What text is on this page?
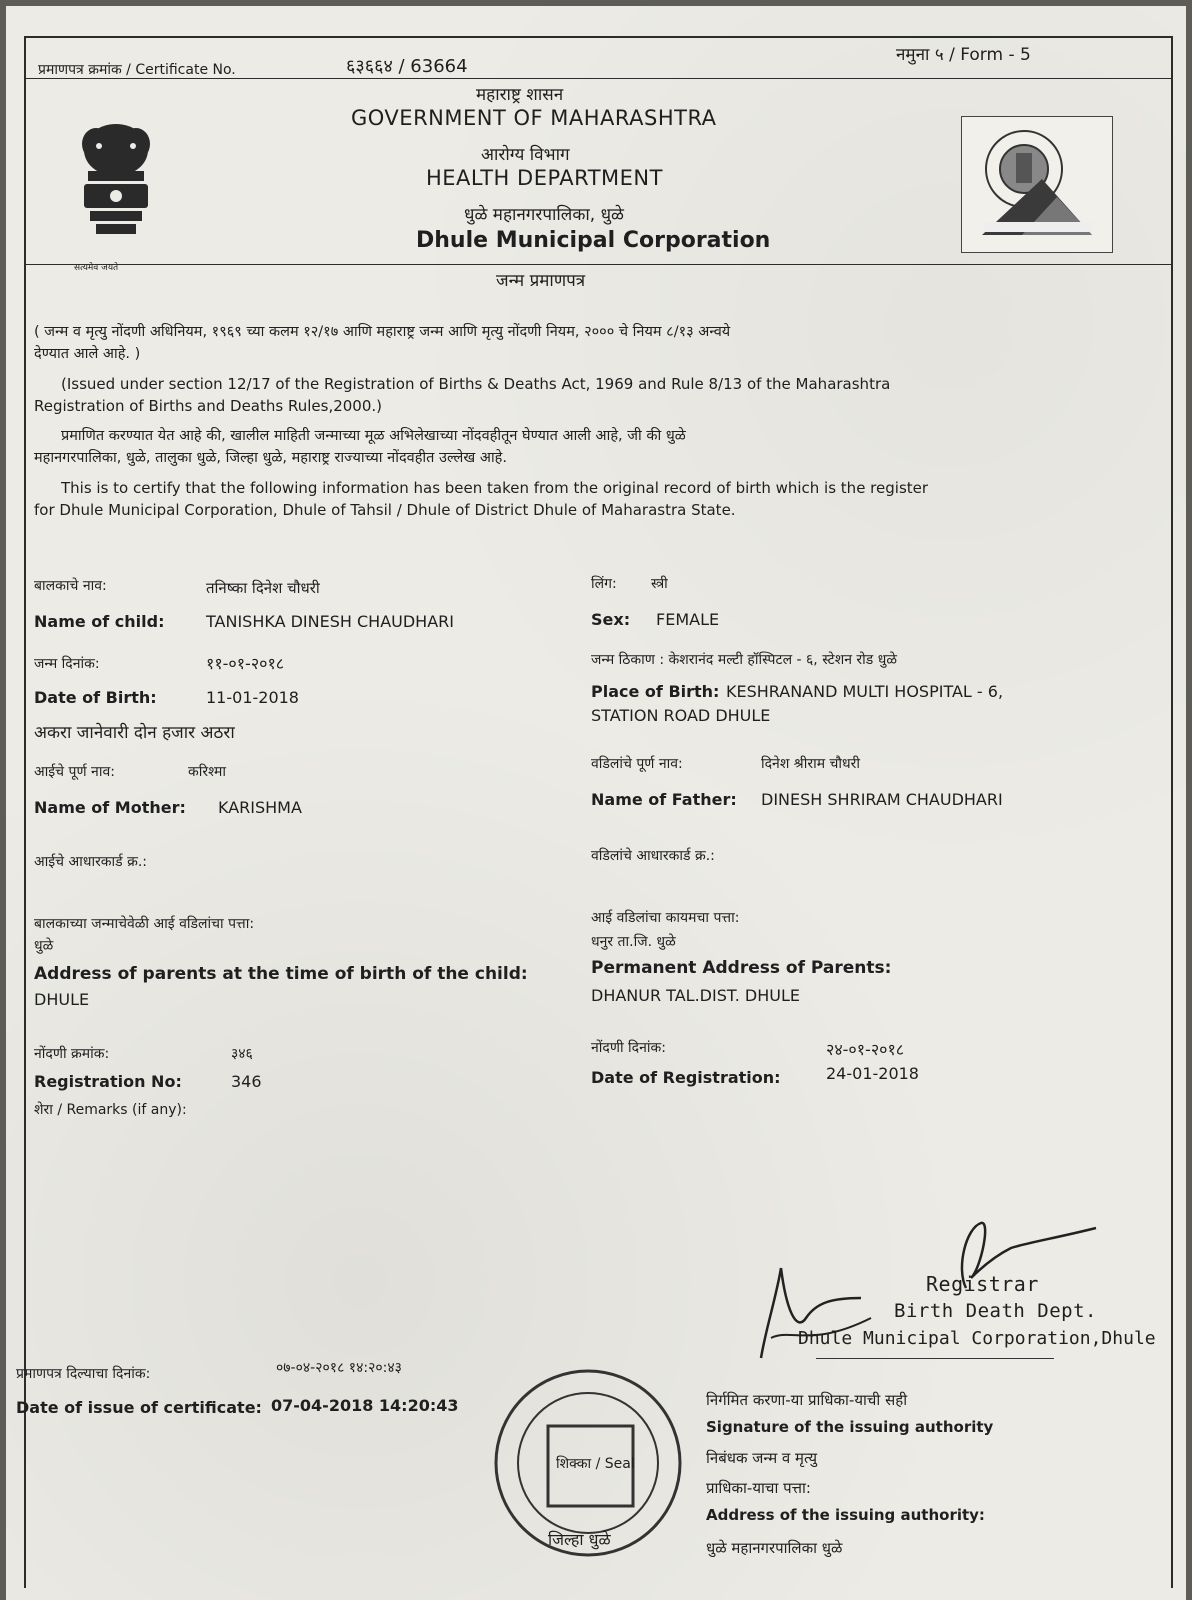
प्रमाणपत्र क्रमांक / Certificate No.	६३६६४ / 63664
नमुना ५ / Form - 5
सत्यमेव जयते
महाराष्ट्र शासन
GOVERNMENT OF MAHARASHTRA
आरोग्य विभाग
HEALTH DEPARTMENT
धुळे महानगरपालिका, धुळे
Dhule Municipal Corporation
जन्म प्रमाणपत्र
( जन्म व मृत्यु नोंदणी अधिनियम, १९६९ च्या कलम १२/१७ आणि महाराष्ट्र जन्म आणि मृत्यु नोंदणी नियम, २००० चे नियम ८/१३ अन्वये
देण्यात आले आहे. )
(Issued under section 12/17 of the Registration of Births & Deaths Act, 1969 and Rule 8/13 of the Maharashtra
Registration of Births and Deaths Rules,2000.)
प्रमाणित करण्यात येत आहे की, खालील माहिती जन्माच्या मूळ अभिलेखाच्या नोंदवहीतून घेण्यात आली आहे, जी की धुळे
महानगरपालिका, धुळे, तालुका धुळे, जिल्हा धुळे, महाराष्ट्र राज्याच्या नोंदवहीत उल्लेख आहे.
This is to certify that the following information has been taken from the original record of birth which is the register
for Dhule Municipal Corporation, Dhule of Tahsil / Dhule of District Dhule of Maharastra State.
बालकाचे नाव:	तनिष्का दिनेश चौधरी
Name of child:	TANISHKA DINESH CHAUDHARI
जन्म दिनांक:	११-०१-२०१८
Date of Birth:	11-01-2018
अकरा जानेवारी दोन हजार अठरा
आईचे पूर्ण नाव:	करिश्मा
Name of Mother: KARISHMA
आईचे आधारकार्ड क्र.:
बालकाच्या जन्माचेवेळी आई वडिलांचा पत्ता:
धुळे
Address of parents at the time of birth of the child:
DHULE
नोंदणी क्रमांक:	३४६
Registration No:	346
शेरा / Remarks (if any):
लिंग: स्त्री
Sex: FEMALE
जन्म ठिकाण : केशरानंद मल्टी हॉस्पिटल - ६, स्टेशन रोड धुळे
Place of Birth: KESHRANAND MULTI HOSPITAL - 6,
STATION ROAD DHULE
वडिलांचे पूर्ण नाव:	दिनेश श्रीराम चौधरी
Name of Father: DINESH SHRIRAM CHAUDHARI
वडिलांचे आधारकार्ड क्र.:
आई वडिलांचा कायमचा पत्ता:
धनुर ता.जि. धुळे
Permanent Address of Parents:
DHANUR TAL.DIST. DHULE
नोंदणी दिनांक:	२४-०१-२०१८
Date of Registration:	24-01-2018
Registrar
Birth Death Dept.
Dhule Municipal Corporation,Dhule
प्रमाणपत्र दिल्याचा दिनांक:	०७-०४-२०१८ १४:२०:४३
Date of issue of certificate: 07-04-2018 14:20:43
शिक्का / Seal
जिल्हा धुळे
निर्गमित करणा-या प्राधिका-याची सही
Signature of the issuing authority
निबंधक जन्म व मृत्यु
प्राधिका-याचा पत्ता:
Address of the issuing authority:
धुळे महानगरपालिका धुळे
